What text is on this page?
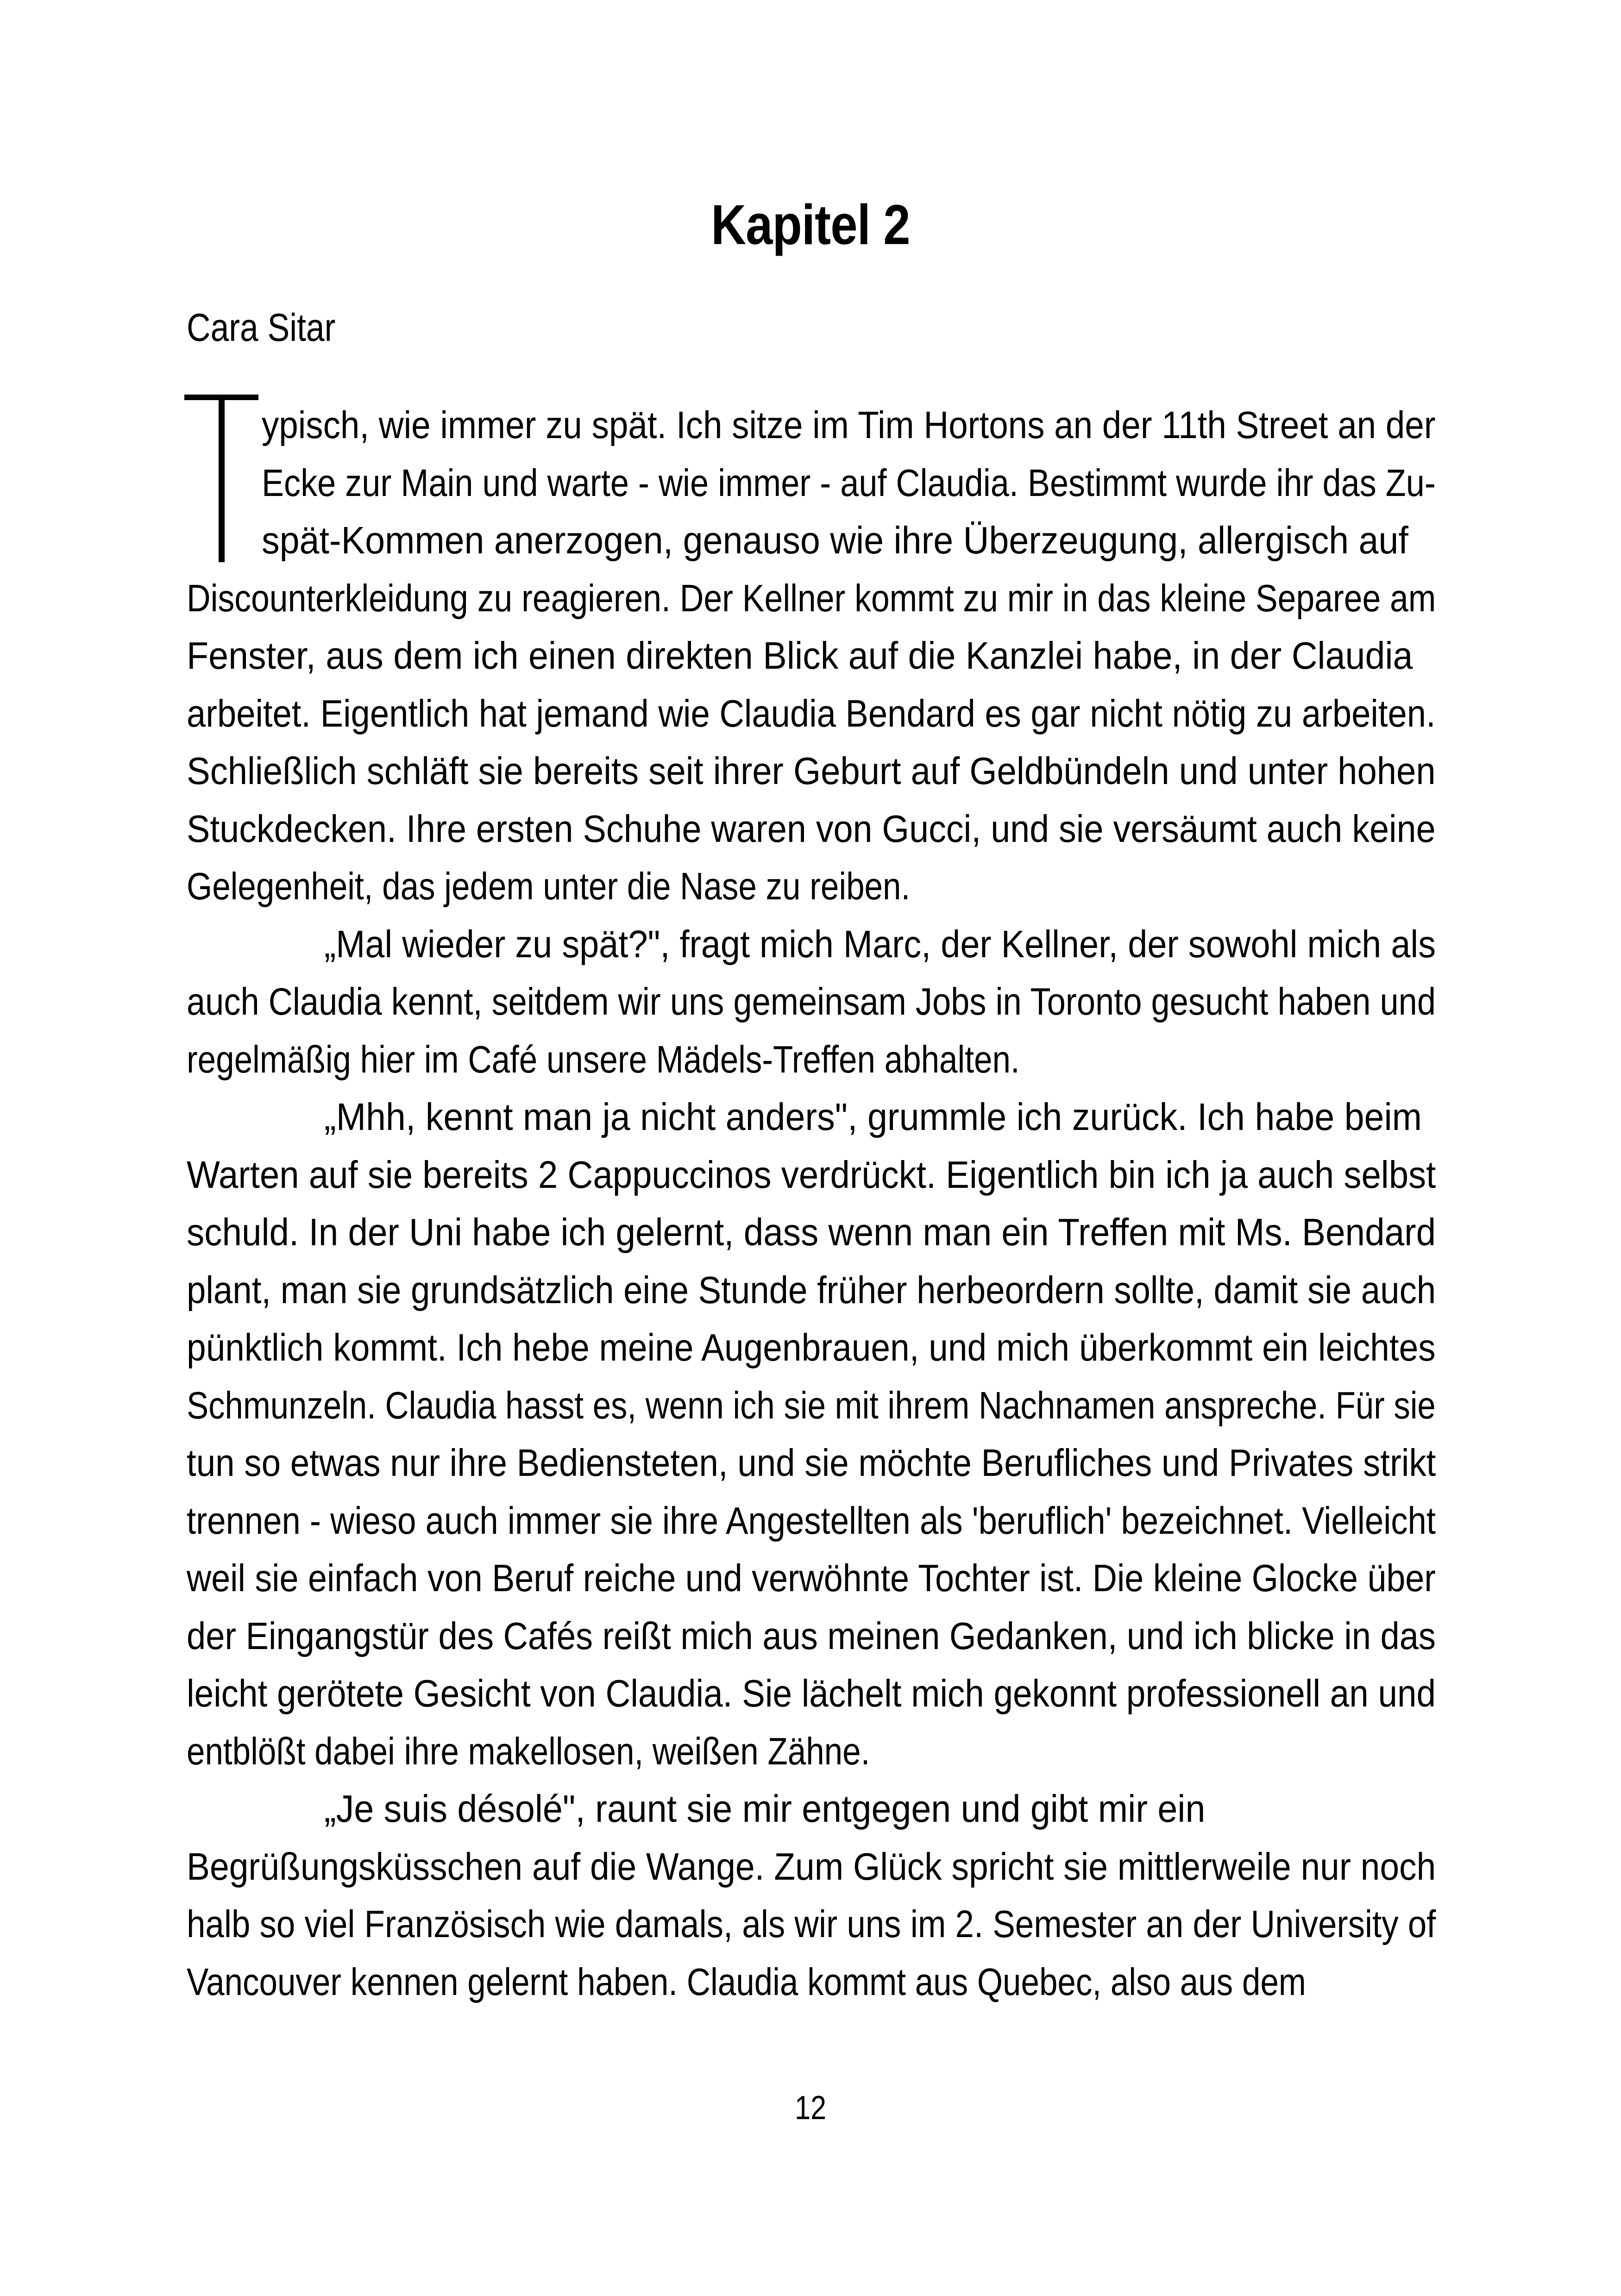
Kapitel 2
Cara Sitar
ypisch, wie immer zu spät. Ich sitze im Tim Hortons an der 11th Street an der
Ecke zur Main und warte - wie immer - auf Claudia. Bestimmt wurde ihr das Zu-
spät-Kommen anerzogen, genauso wie ihre Überzeugung, allergisch auf
Discounterkleidung zu reagieren. Der Kellner kommt zu mir in das kleine Separee am
Fenster, aus dem ich einen direkten Blick auf die Kanzlei habe, in der Claudia
arbeitet. Eigentlich hat jemand wie Claudia Bendard es gar nicht nötig zu arbeiten.
Schließlich schläft sie bereits seit ihrer Geburt auf Geldbündeln und unter hohen
Stuckdecken. Ihre ersten Schuhe waren von Gucci, und sie versäumt auch keine
Gelegenheit, das jedem unter die Nase zu reiben.
„Mal wieder zu spät?", fragt mich Marc, der Kellner, der sowohl mich als
auch Claudia kennt, seitdem wir uns gemeinsam Jobs in Toronto gesucht haben und
regelmäßig hier im Café unsere Mädels-Treffen abhalten.
„Mhh, kennt man ja nicht anders", grummle ich zurück. Ich habe beim
Warten auf sie bereits 2 Cappuccinos verdrückt. Eigentlich bin ich ja auch selbst
schuld. In der Uni habe ich gelernt, dass wenn man ein Treffen mit Ms. Bendard
plant, man sie grundsätzlich eine Stunde früher herbeordern sollte, damit sie auch
pünktlich kommt. Ich hebe meine Augenbrauen, und mich überkommt ein leichtes
Schmunzeln. Claudia hasst es, wenn ich sie mit ihrem Nachnamen anspreche. Für sie
tun so etwas nur ihre Bediensteten, und sie möchte Berufliches und Privates strikt
trennen - wieso auch immer sie ihre Angestellten als 'beruflich' bezeichnet. Vielleicht
weil sie einfach von Beruf reiche und verwöhnte Tochter ist. Die kleine Glocke über
der Eingangstür des Cafés reißt mich aus meinen Gedanken, und ich blicke in das
leicht gerötete Gesicht von Claudia. Sie lächelt mich gekonnt professionell an und
entblößt dabei ihre makellosen, weißen Zähne.
„Je suis désolé", raunt sie mir entgegen und gibt mir ein
Begrüßungsküsschen auf die Wange. Zum Glück spricht sie mittlerweile nur noch
halb so viel Französisch wie damals, als wir uns im 2. Semester an der University of
Vancouver kennen gelernt haben. Claudia kommt aus Quebec, also aus dem
12
